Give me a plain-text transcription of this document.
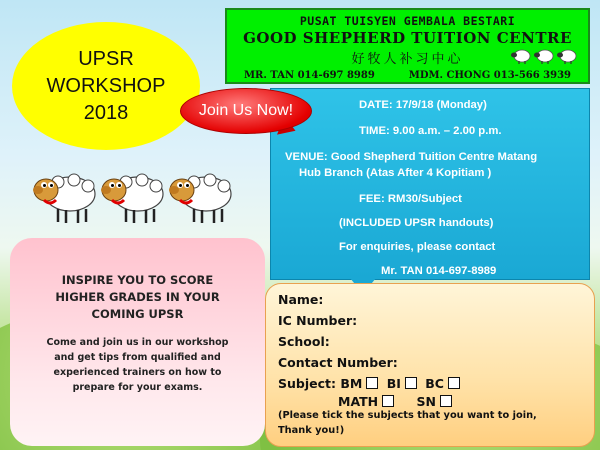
UPSR
WORKSHOP
2018
PUSAT TUISYEN GEMBALA BESTARI
GOOD SHEPHERD TUITION CENTRE
好牧人补习中心
MR. TAN 014-697 8989	MDM. CHONG 013-566 3939
DATE: 17/9/18 (Monday)
TIME: 9.00 a.m. – 2.00 p.m.
VENUE: Good Shepherd Tuition Centre Matang
Hub Branch (Atas After 4 Kopitiam )
FEE: RM30/Subject
(INCLUDED UPSR handouts)
For enquiries, please contact
Mr. TAN 014-697-8989
Join Us Now!
INSPIRE YOU TO SCORE
HIGHER GRADES IN YOUR
COMING UPSR
Come and join us in our workshop
and get tips from qualified and
experienced trainers on how to
prepare for your exams.
Name:
IC Number:
School:
Contact Number:
Subject: BM BI BC
MATH	SN
(Please tick the subjects that you want to join,
Thank you!)
